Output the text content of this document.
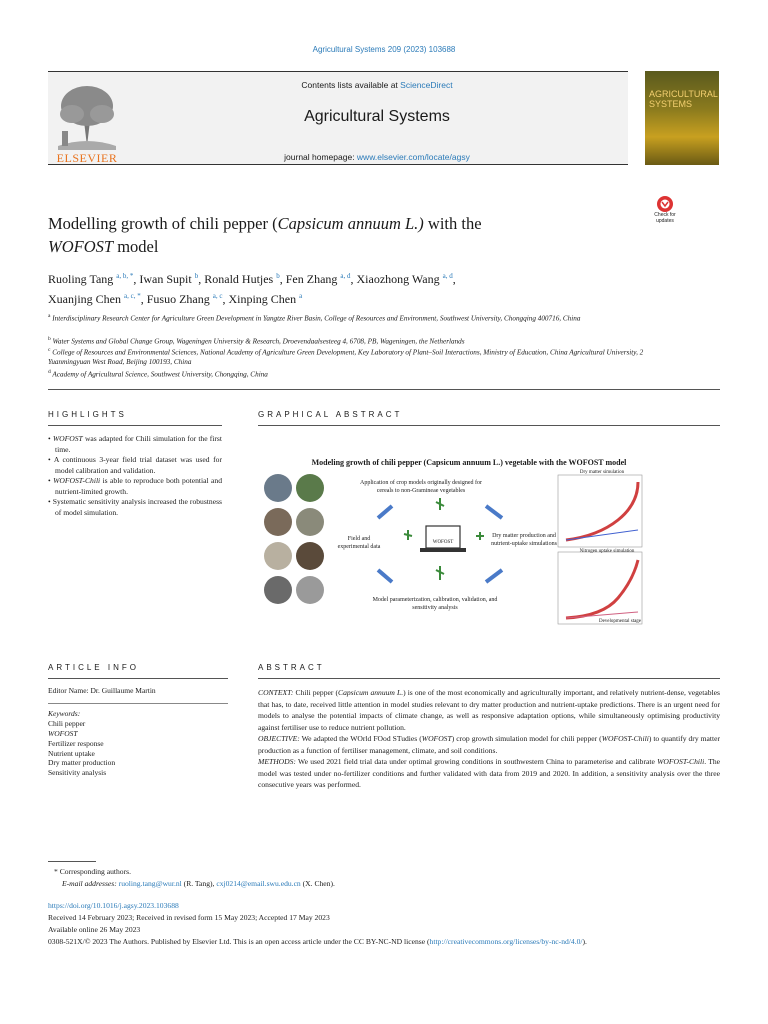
Agricultural Systems 209 (2023) 103688
ELSEVIER
Contents lists available at ScienceDirect
Agricultural Systems
journal homepage: www.elsevier.com/locate/agsy
AGRICULTURAL SYSTEMS
Check for updates
Modelling growth of chili pepper (Capsicum annuum L.) with the
WOFOST model
Ruoling Tang $^{a, b, *}$, Iwan Supit $^b$, Ronald Hutjes $^b$, Fen Zhang $^{a, d}$, Xiaozhong Wang $^{a, d}$,
Xuanjing Chen $^{a, c, *}$, Fusuo Zhang $^{a, c}$, Xinping Chen $^a$
$^a$ Interdisciplinary Research Center for Agriculture Green Development in Yangtze River Basin, College of Resources and Environment, Southwest University, Chongqing 400716, China
$^b$ Water Systems and Global Change Group, Wageningen University & Research, Droevendaalsesteeg 4, 6708, PB, Wageningen, the Netherlands
$^c$ College of Resources and Environmental Sciences, National Academy of Agriculture Green Development, Key Laboratory of Plant–Soil Interactions, Ministry of Education, China Agricultural University, 2 Yuanmingyuan West Road, Beijing 100193, China
$^d$ Academy of Agricultural Science, Southwest University, Chongqing, China
HIGHLIGHTS
• WOFOST was adapted for Chili simulation for the first time.
• A continuous 3-year field trial dataset was used for model calibration and validation.
• WOFOST-Chili is able to reproduce both potential and nutrient-limited growth.
• Systematic sensitivity analysis increased the robustness of model simulation.
GRAPHICAL ABSTRACT
Modeling growth of chili pepper (Capsicum annuum L.) vegetable with the WOFOST model
Application of crop models originally designed for cereals to non-Gramineae vegetables
Field and experimental data
WOFOST
Dry matter production and nutrient-uptake simulations
Model parameterization, calibration, validation, and sensitivity analysis
Dry matter simulation
Nitrogen uptake simulation
Developmental stage
ARTICLE INFO
Editor Name: Dr. Guillaume Martin
Keywords:
Chili pepper
WOFOST
Fertilizer response
Nutrient uptake
Dry matter production
Sensitivity analysis
ABSTRACT

CONTEXT: Chili pepper (Capsicum annuum L.) is one of the most economically and agriculturally important, and relatively nutrient-dense, vegetables that has, to date, received little attention in model studies relevant to dry matter production and nutrient-uptake predictions. There is an urgent need for models to analyse the potential impacts of climate change, as well as responsive adaptation options, while simultaneously optimising productivity against fertiliser use to reduce nutrient pollution.

OBJECTIVE: We adapted the WOrld FOod STudies (WOFOST) crop growth simulation model for chili pepper (WOFOST-Chili) to quantify dry matter production as a function of fertiliser management, climate, and soil conditions.

METHODS: We used 2021 field trial data under optimal growing conditions in southwestern China to parameterise and calibrate WOFOST-Chili. The model was tested under no-fertilizer conditions and further validated with data from 2019 and 2020. In addition, a sensitivity analysis over the three consecutive years was performed.

* Corresponding authors.
E-mail addresses: ruoling.tang@wur.nl (R. Tang), cxj0214@email.swu.edu.cn (X. Chen).
https://doi.org/10.1016/j.agsy.2023.103688
Received 14 February 2023; Received in revised form 15 May 2023; Accepted 17 May 2023
Available online 26 May 2023
0308-521X/© 2023 The Authors. Published by Elsevier Ltd. This is an open access article under the CC BY-NC-ND license (http://creativecommons.org/licenses/by-nc-nd/4.0/).
